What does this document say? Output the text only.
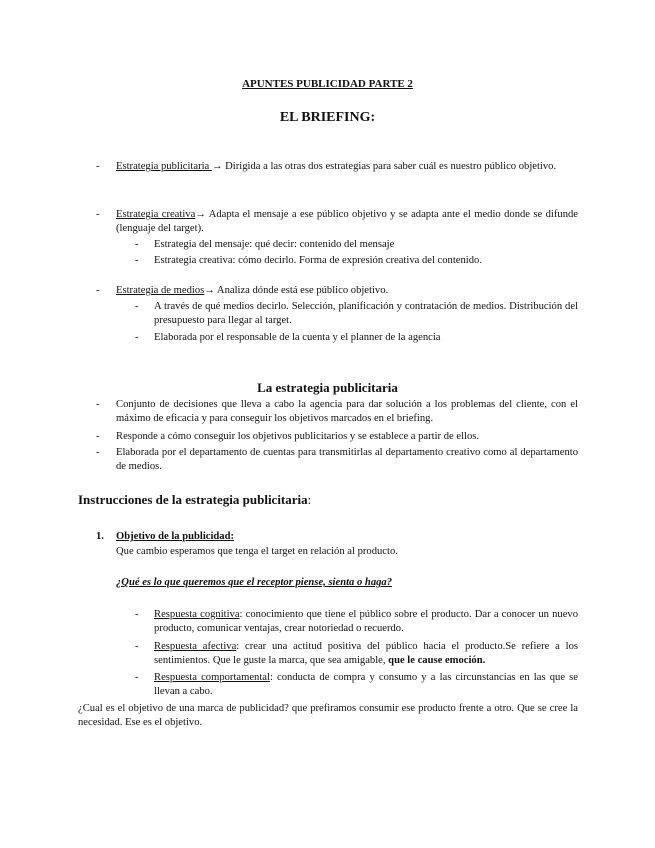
APUNTES PUBLICIDAD PARTE 2
EL BRIEFING:
-	Estrategia publicitaria → Dirigida a las otras dos estrategias para saber cuál es nuestro público objetivo.
-	Estrategia creativa→ Adapta el mensaje a ese público objetivo y se adapta ante el medio donde se difunde (lenguaje del target).
-	Estrategia del mensaje: qué decir: contenido del mensaje
-	Estrategia creativa: cómo decirlo. Forma de expresión creativa del contenido.
-	Estrategia de medios→ Analiza dónde está ese público objetivo.
-	A través de qué medios decirlo. Selección, planificación y contratación de medios. Distribución del presupuesto para llegar al target.
-	Elaborada por el responsable de la cuenta y el planner de la agencia
La estrategia publicitaria
-	Conjunto de decisiones que lleva a cabo la agencia para dar solución a los problemas del cliente, con el máximo de eficacia y para conseguir los objetivos marcados en el briefing.
-	Responde a cómo conseguir los objetivos publicitarios y se establece a partir de ellos.
-	Elaborada por el departamento de cuentas para transmitirlas al departamento creativo como al departamento de medios.
Instrucciones de la estrategia publicitaria:
1. Objetivo de la publicidad:
Que cambio esperamos que tenga el target en relación al producto.
¿Qué es lo que queremos que el receptor piense, sienta o haga?
-	Respuesta cognitiva: conocimiento que tiene el público sobre el producto. Dar a conocer un nuevo producto, comunicar ventajas, crear notoriedad o recuerdo.
-	Respuesta afectiva: crear una actitud positiva del público hacia el producto.Se refiere a los sentimientos. Que le guste la marca, que sea amigable, que le cause emoción.
-	Respuesta comportamental: conducta de compra y consumo y a las circunstancias en las que se llevan a cabo.
¿Cual es el objetivo de una marca de publicidad? que prefiramos consumir ese producto frente a otro. Que se cree la necesidad. Ese es el objetivo.
